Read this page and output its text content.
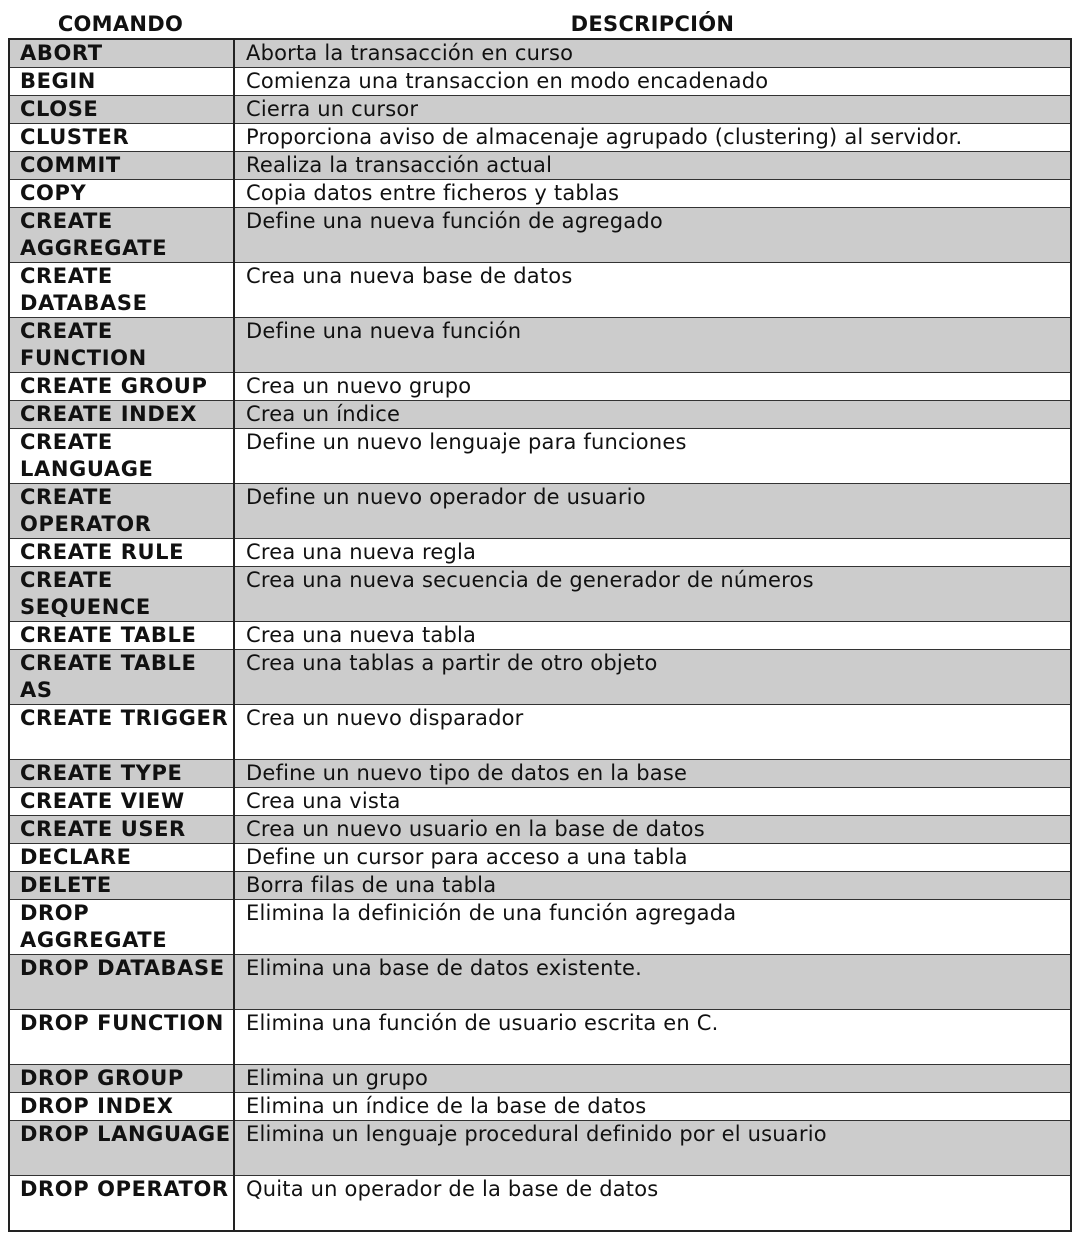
COMANDO	DESCRIPCIÓN
ABORT	Aborta la transacción en curso
BEGIN	Comienza una transaccion en modo encadenado
CLOSE	Cierra un cursor
CLUSTER	Proporciona aviso de almacenaje agrupado (clustering) al servidor.
COMMIT	Realiza la transacción actual
COPY	Copia datos entre ficheros y tablas
CREATE AGGREGATE	Define una nueva función de agregado
CREATE DATABASE	Crea una nueva base de datos
CREATE FUNCTION	Define una nueva función
CREATE GROUP	Crea un nuevo grupo
CREATE INDEX	Crea un índice
CREATE LANGUAGE	Define un nuevo lenguaje para funciones
CREATE OPERATOR	Define un nuevo operador de usuario
CREATE RULE	Crea una nueva regla
CREATE SEQUENCE	Crea una nueva secuencia de generador de números
CREATE TABLE	Crea una nueva tabla
CREATE TABLE AS	Crea una tablas a partir de otro objeto
CREATE TRIGGER	Crea un nuevo disparador
CREATE TYPE	Define un nuevo tipo de datos en la base
CREATE VIEW	Crea una vista
CREATE USER	Crea un nuevo usuario en la base de datos
DECLARE	Define un cursor para acceso a una tabla
DELETE	Borra filas de una tabla
DROP AGGREGATE	Elimina la definición de una función agregada
DROP DATABASE	Elimina una base de datos existente.
DROP FUNCTION	Elimina una función de usuario escrita en C.
DROP GROUP	Elimina un grupo
DROP INDEX	Elimina un índice de la base de datos
DROP LANGUAGE	Elimina un lenguaje procedural definido por el usuario
DROP OPERATOR	Quita un operador de la base de datos
